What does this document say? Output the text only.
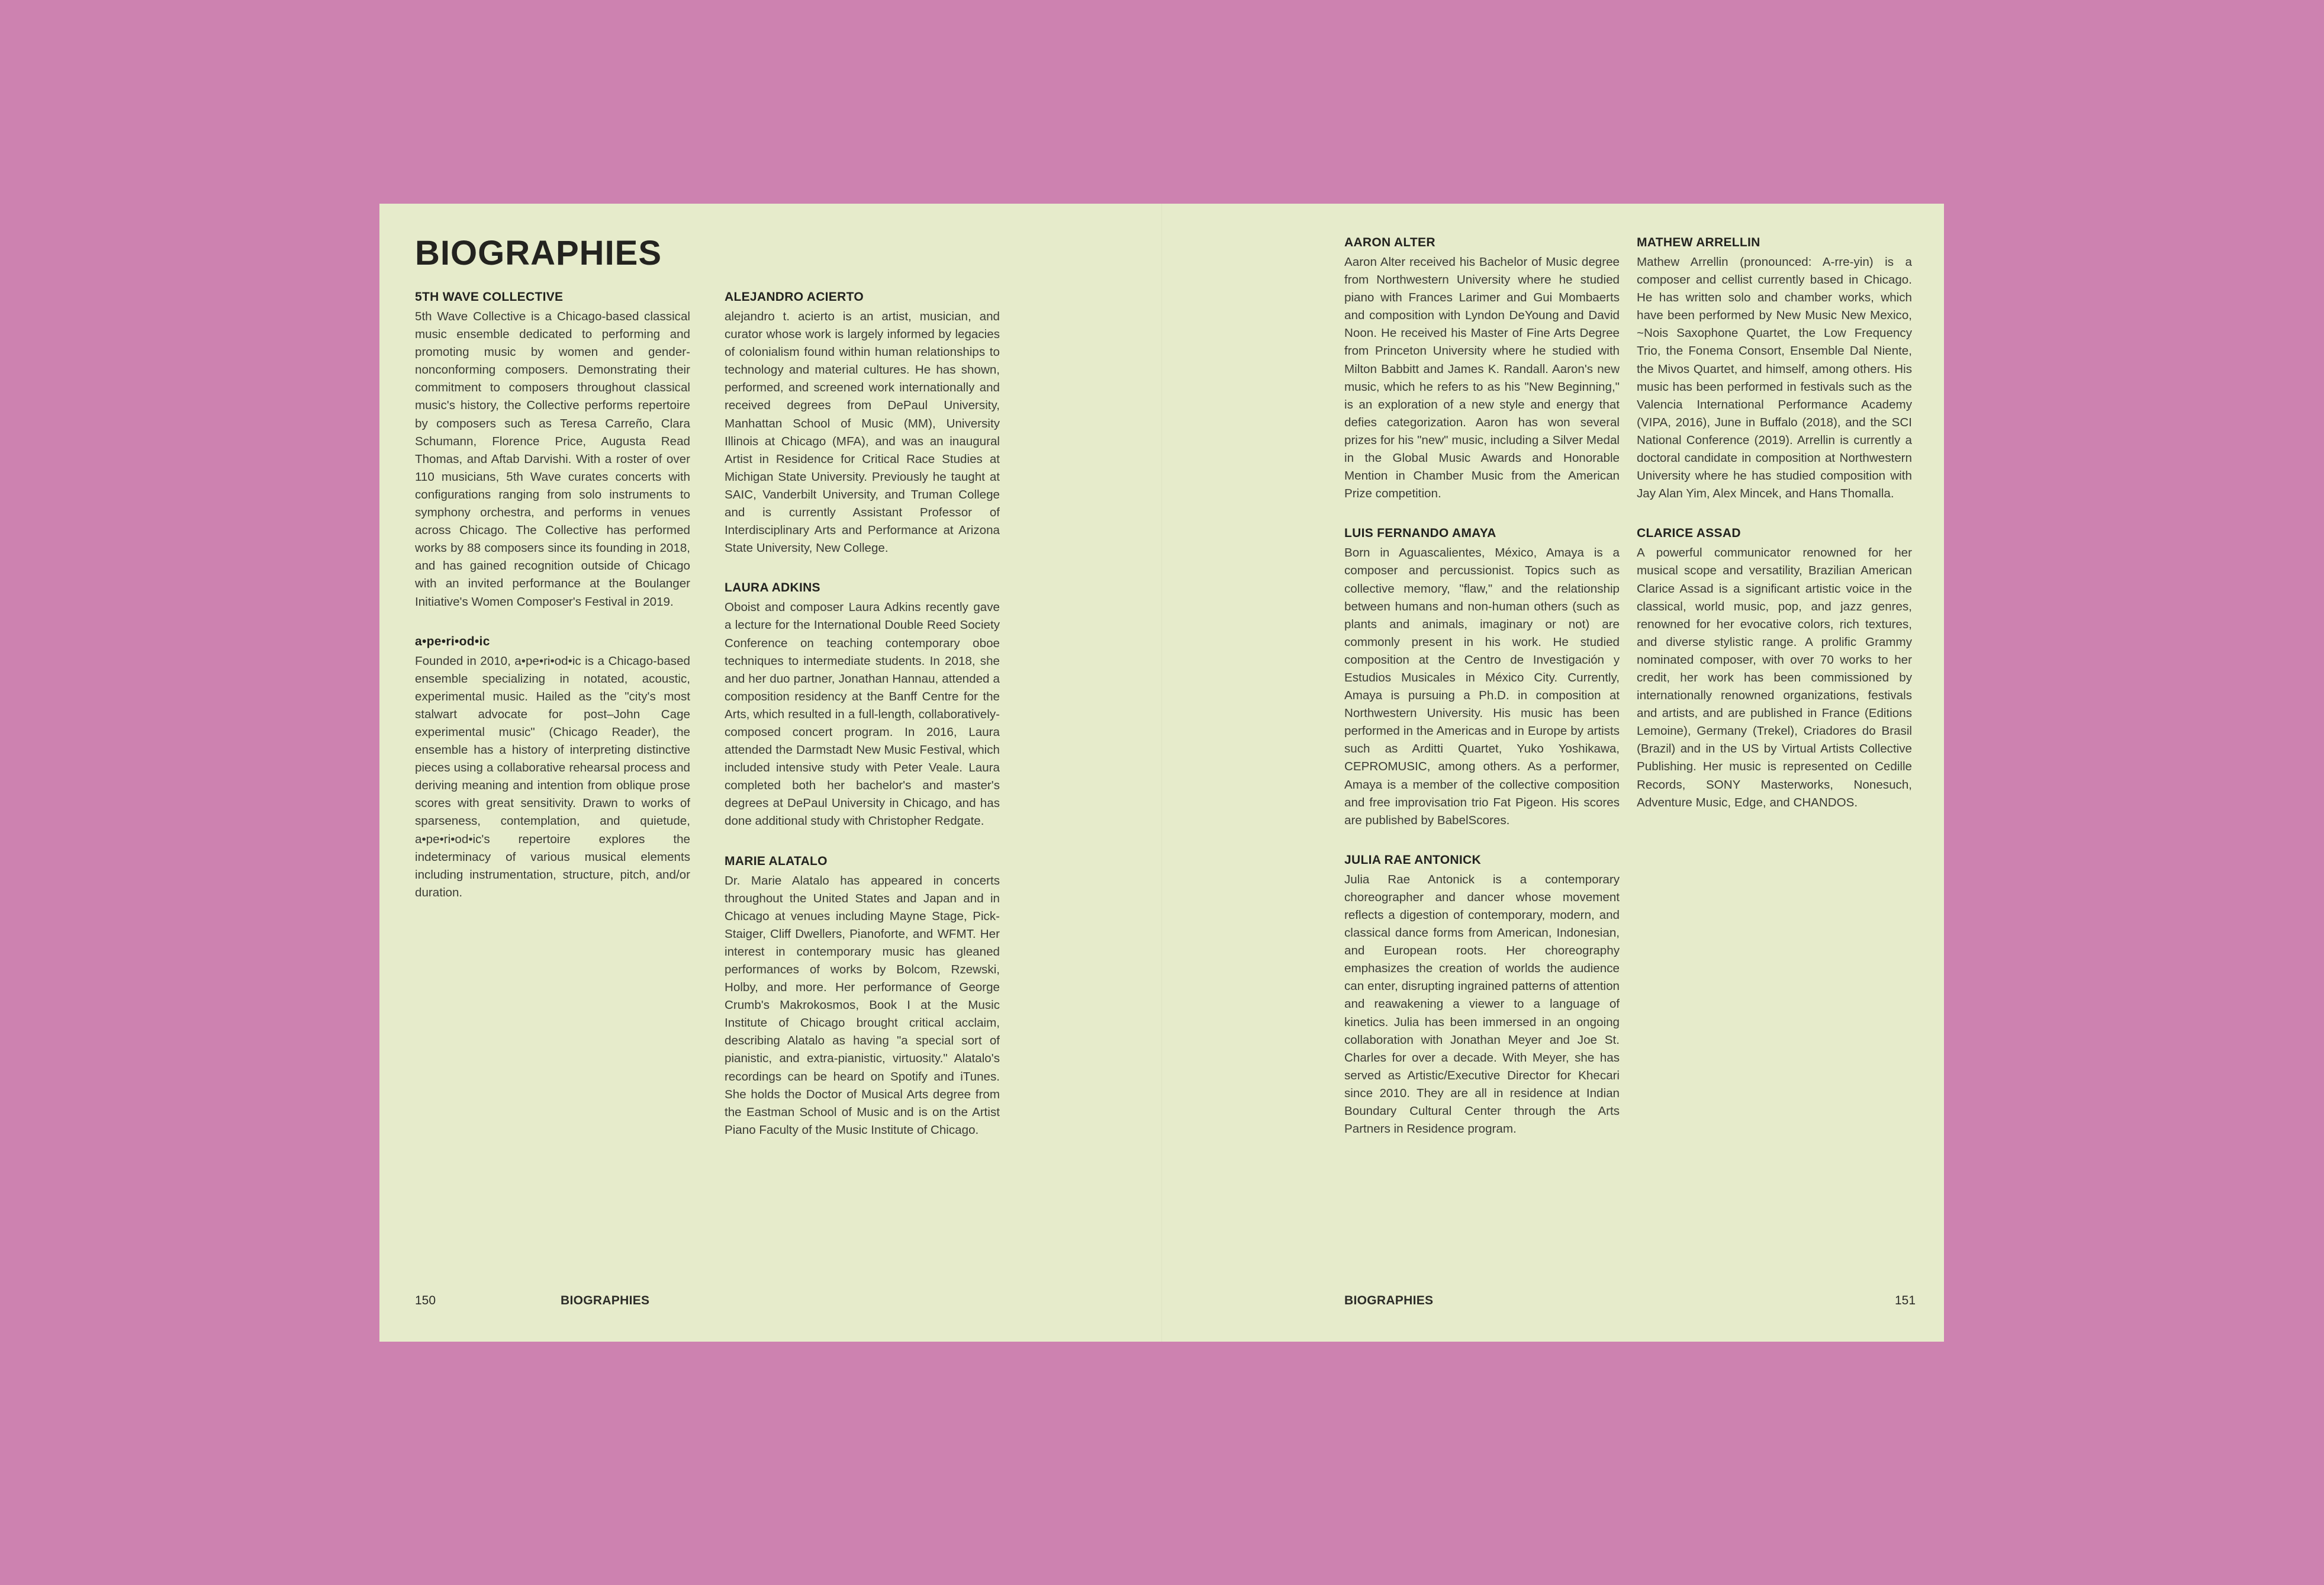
BIOGRAPHIES
5TH WAVE COLLECTIVE

5th Wave Collective is a Chicago-based classical music ensemble dedicated to performing and promoting music by women and gender-nonconforming composers. Demonstrating their commitment to composers throughout classical music's history, the Collective performs repertoire by composers such as Teresa Carreño, Clara Schumann, Florence Price, Augusta Read Thomas, and Aftab Darvishi. With a roster of over 110 musicians, 5th Wave curates concerts with configurations ranging from solo instruments to symphony orchestra, and performs in venues across Chicago. The Collective has performed works by 88 composers since its founding in 2018, and has gained recognition outside of Chicago with an invited performance at the Boulanger Initiative's Women Composer's Festival in 2019.

a•pe•ri•od•ic

Founded in 2010, a•pe•ri•od•ic is a Chicago-based ensemble specializing in notated, acoustic, experimental music. Hailed as the "city's most stalwart advocate for post–John Cage experimental music" (Chicago Reader), the ensemble has a history of interpreting distinctive pieces using a collaborative rehearsal process and deriving meaning and intention from oblique prose scores with great sensitivity. Drawn to works of sparseness, contemplation, and quietude, a•pe•ri•od•ic's repertoire explores the indeterminacy of various musical elements including instrumentation, structure, pitch, and/or duration.

ALEJANDRO ACIERTO

alejandro t. acierto is an artist, musician, and curator whose work is largely informed by legacies of colonialism found within human relationships to technology and material cultures. He has shown, performed, and screened work internationally and received degrees from DePaul University, Manhattan School of Music (MM), University Illinois at Chicago (MFA), and was an inaugural Artist in Residence for Critical Race Studies at Michigan State University. Previously he taught at SAIC, Vanderbilt University, and Truman College and is currently Assistant Professor of Interdisciplinary Arts and Performance at Arizona State University, New College.

LAURA ADKINS

Oboist and composer Laura Adkins recently gave a lecture for the International Double Reed Society Conference on teaching contemporary oboe techniques to intermediate students. In 2018, she and her duo partner, Jonathan Hannau, attended a composition residency at the Banff Centre for the Arts, which resulted in a full-length, collaboratively-composed concert program. In 2016, Laura attended the Darmstadt New Music Festival, which included intensive study with Peter Veale. Laura completed both her bachelor's and master's degrees at DePaul University in Chicago, and has done additional study with Christopher Redgate.

MARIE ALATALO

Dr. Marie Alatalo has appeared in concerts throughout the United States and Japan and in Chicago at venues including Mayne Stage, Pick-Staiger, Cliff Dwellers, Pianoforte, and WFMT. Her interest in contemporary music has gleaned performances of works by Bolcom, Rzewski, Holby, and more. Her performance of George Crumb's Makrokosmos, Book I at the Music Institute of Chicago brought critical acclaim, describing Alatalo as having "a special sort of pianistic, and extra-pianistic, virtuosity." Alatalo's recordings can be heard on Spotify and iTunes. She holds the Doctor of Musical Arts degree from the Eastman School of Music and is on the Artist Piano Faculty of the Music Institute of Chicago.

AARON ALTER

Aaron Alter received his Bachelor of Music degree from Northwestern University where he studied piano with Frances Larimer and Gui Mombaerts and composition with Lyndon DeYoung and David Noon. He received his Master of Fine Arts Degree from Princeton University where he studied with Milton Babbitt and James K. Randall. Aaron's new music, which he refers to as his "New Beginning," is an exploration of a new style and energy that defies categorization. Aaron has won several prizes for his "new" music, including a Silver Medal in the Global Music Awards and Honorable Mention in Chamber Music from the American Prize competition.

LUIS FERNANDO AMAYA

Born in Aguascalientes, México, Amaya is a composer and percussionist. Topics such as collective memory, "flaw," and the relationship between humans and non-human others (such as plants and animals, imaginary or not) are commonly present in his work. He studied composition at the Centro de Investigación y Estudios Musicales in México City. Currently, Amaya is pursuing a Ph.D. in composition at Northwestern University. His music has been performed in the Americas and in Europe by artists such as Arditti Quartet, Yuko Yoshikawa, CEPROMUSIC, among others. As a performer, Amaya is a member of the collective composition and free improvisation trio Fat Pigeon. His scores are published by BabelScores.

JULIA RAE ANTONICK

Julia Rae Antonick is a contemporary choreographer and dancer whose movement reflects a digestion of contemporary, modern, and classical dance forms from American, Indonesian, and European roots. Her choreography emphasizes the creation of worlds the audience can enter, disrupting ingrained patterns of attention and reawakening a viewer to a language of kinetics. Julia has been immersed in an ongoing collaboration with Jonathan Meyer and Joe St. Charles for over a decade. With Meyer, she has served as Artistic/Executive Director for Khecari since 2010. They are all in residence at Indian Boundary Cultural Center through the Arts Partners in Residence program.

MATHEW ARRELLIN

Mathew Arrellin (pronounced: A-rre-yin) is a composer and cellist currently based in Chicago. He has written solo and chamber works, which have been performed by New Music New Mexico, ~Nois Saxophone Quartet, the Low Frequency Trio, the Fonema Consort, Ensemble Dal Niente, the Mivos Quartet, and himself, among others. His music has been performed in festivals such as the Valencia International Performance Academy (VIPA, 2016), June in Buffalo (2018), and the SCI National Conference (2019). Arrellin is currently a doctoral candidate in composition at Northwestern University where he has studied composition with Jay Alan Yim, Alex Mincek, and Hans Thomalla.

CLARICE ASSAD

A powerful communicator renowned for her musical scope and versatility, Brazilian American Clarice Assad is a significant artistic voice in the classical, world music, pop, and jazz genres, renowned for her evocative colors, rich textures, and diverse stylistic range. A prolific Grammy nominated composer, with over 70 works to her credit, her work has been commissioned by internationally renowned organizations, festivals and artists, and are published in France (Editions Lemoine), Germany (Trekel), Criadores do Brasil (Brazil) and in the US by Virtual Artists Collective Publishing. Her music is represented on Cedille Records, SONY Masterworks, Nonesuch, Adventure Music, Edge, and CHANDOS.

150	BIOGRAPHIES	BIOGRAPHIES	151
